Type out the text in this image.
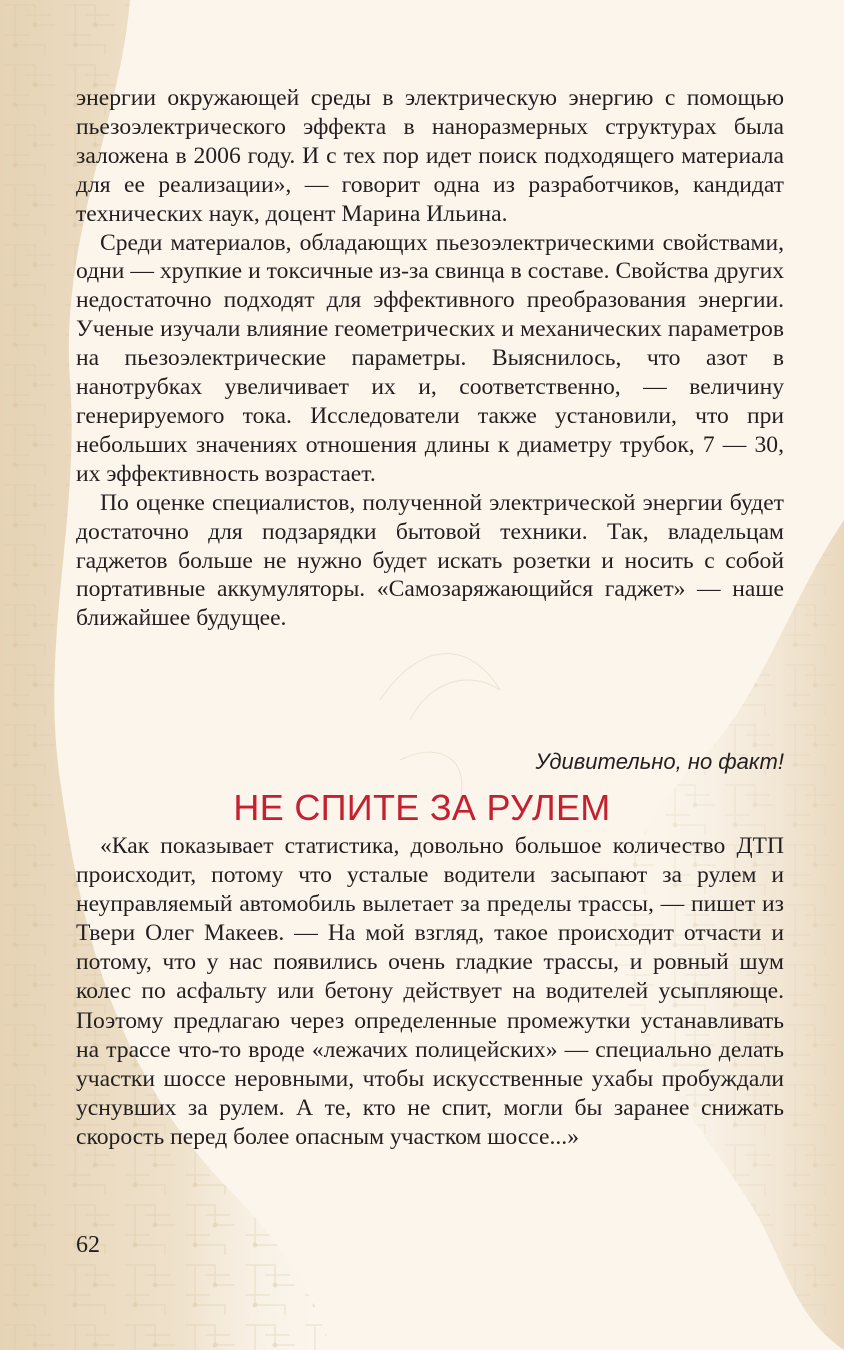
энергии окружающей среды в электрическую энергию с помощью пьезоэлектрического эффекта в наноразмерных структурах была заложена в 2006 году. И с тех пор идет поиск подходящего материала для ее реализации», — говорит одна из разработчиков, кандидат технических наук, доцент Марина Ильина.

Среди материалов, обладающих пьезоэлектрическими свойствами, одни — хрупкие и токсичные из-за свинца в составе. Свойства других недостаточно подходят для эффективного преобразования энергии. Ученые изучали влияние геометрических и механических параметров на пьезоэлектрические параметры. Выяснилось, что азот в нанотрубках увеличивает их и, соответственно, — величину генерируемого тока. Исследователи также установили, что при небольших значениях отношения длины к диаметру трубок, 7 — 30, их эффективность возрастает.

По оценке специалистов, полученной электрической энергии будет достаточно для подзарядки бытовой техники. Так, владельцам гаджетов больше не нужно будет искать розетки и носить с собой портативные аккумуляторы. «Самозаряжающийся гаджет» — наше ближайшее будущее.

Удивительно, но факт!
НЕ СПИТЕ ЗА РУЛЕМ

«Как показывает статистика, довольно большое количество ДТП происходит, потому что усталые водители засыпают за рулем и неуправляемый автомобиль вылетает за пределы трассы, — пишет из Твери Олег Макеев. — На мой взгляд, такое происходит отчасти и потому, что у нас появились очень гладкие трассы, и ровный шум колес по асфальту или бетону действует на водителей усыпляюще. Поэтому предлагаю через определенные промежутки устанавливать на трассе что-то вроде «лежачих полицейских» — специально делать участки шоссе неровными, чтобы искусственные ухабы пробуждали уснувших за рулем. А те, кто не спит, могли бы заранее снижать скорость перед более опасным участком шоссе...»

62
